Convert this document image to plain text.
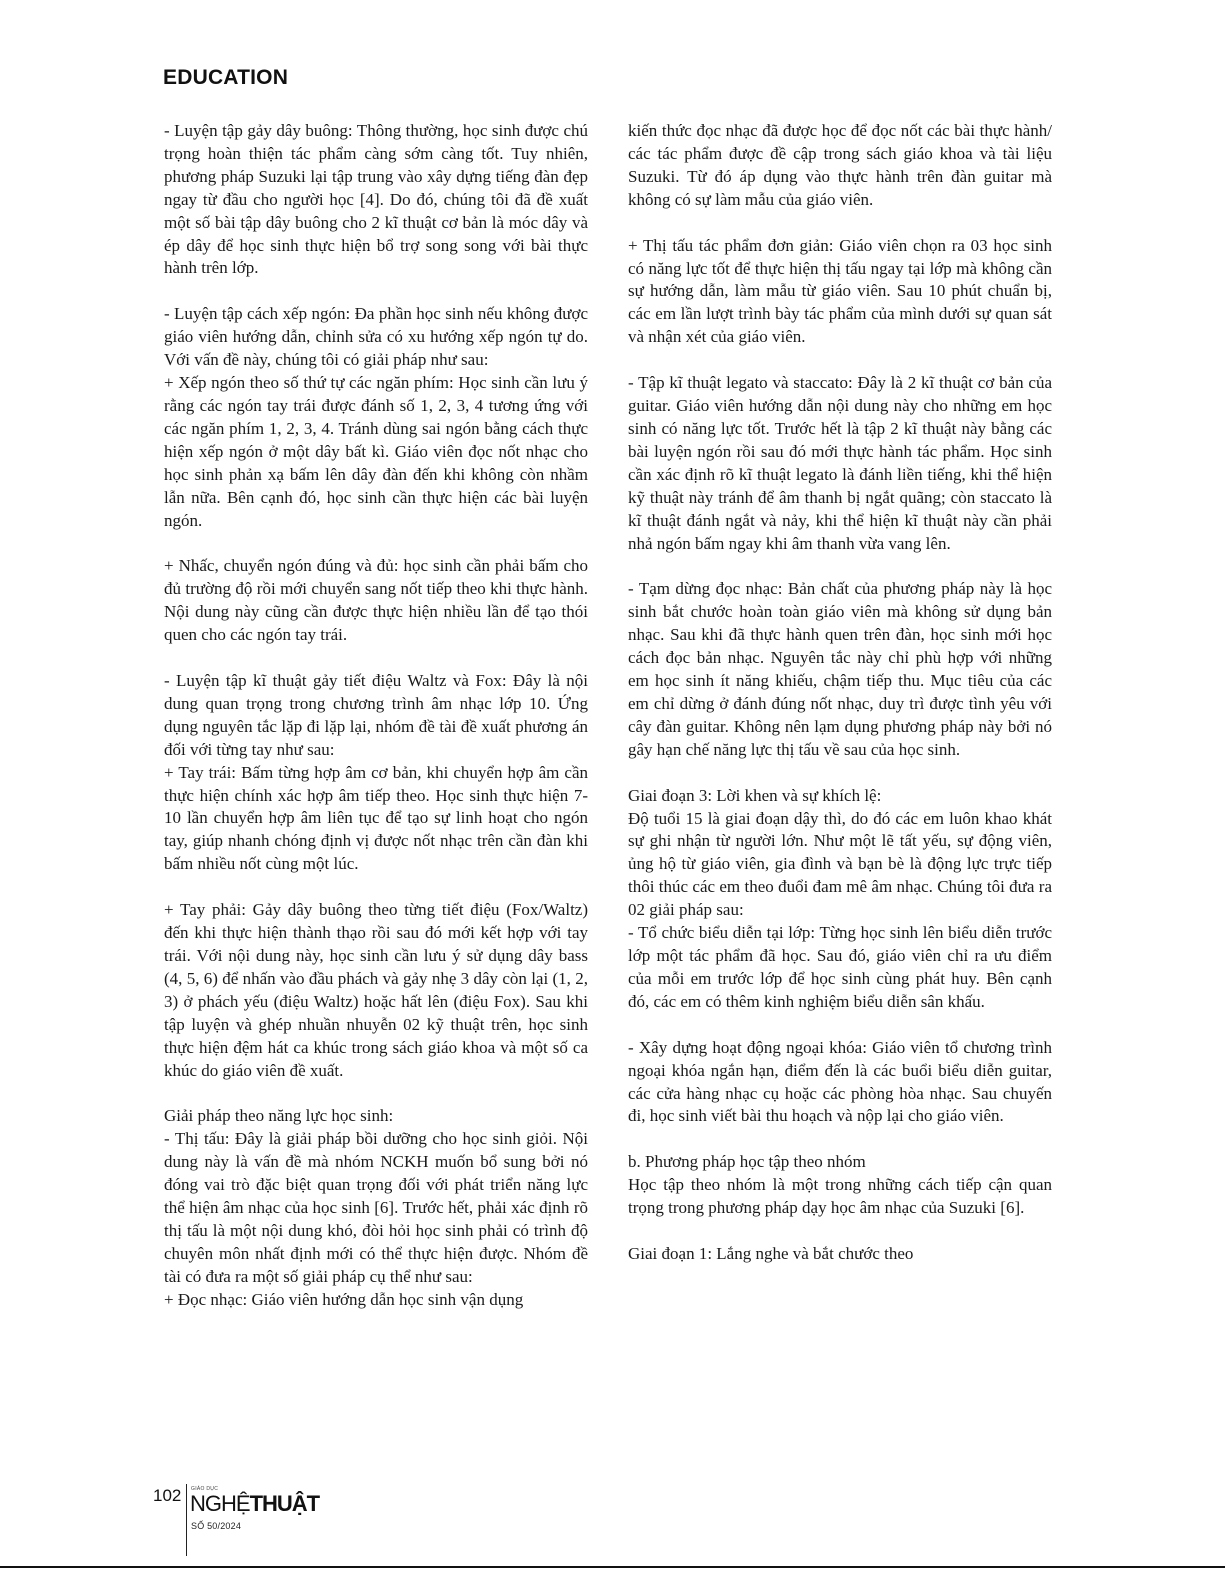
EDUCATION

- Luyện tập gảy dây buông: Thông thường, học sinh được chú trọng hoàn thiện tác phẩm càng sớm càng tốt. Tuy nhiên, phương pháp Suzuki lại tập trung vào xây dựng tiếng đàn đẹp ngay từ đầu cho người học [4]. Do đó, chúng tôi đã đề xuất một số bài tập dây buông cho 2 kĩ thuật cơ bản là móc dây và ép dây để học sinh thực hiện bổ trợ song song với bài thực hành trên lớp.

- Luyện tập cách xếp ngón: Đa phần học sinh nếu không được giáo viên hướng dẫn, chỉnh sửa có xu hướng xếp ngón tự do. Với vấn đề này, chúng tôi có giải pháp như sau:

+ Xếp ngón theo số thứ tự các ngăn phím: Học sinh cần lưu ý rằng các ngón tay trái được đánh số 1, 2, 3, 4 tương ứng với các ngăn phím 1, 2, 3, 4. Tránh dùng sai ngón bằng cách thực hiện xếp ngón ở một dây bất kì. Giáo viên đọc nốt nhạc cho học sinh phản xạ bấm lên dây đàn đến khi không còn nhầm lẫn nữa. Bên cạnh đó, học sinh cần thực hiện các bài luyện ngón.

+ Nhấc, chuyển ngón đúng và đủ: học sinh cần phải bấm cho đủ trường độ rồi mới chuyển sang nốt tiếp theo khi thực hành. Nội dung này cũng cần được thực hiện nhiều lần để tạo thói quen cho các ngón tay trái.

- Luyện tập kĩ thuật gảy tiết điệu Waltz và Fox: Đây là nội dung quan trọng trong chương trình âm nhạc lớp 10. Ứng dụng nguyên tắc lặp đi lặp lại, nhóm đề tài đề xuất phương án đối với từng tay như sau:

+ Tay trái: Bấm từng hợp âm cơ bản, khi chuyển hợp âm cần thực hiện chính xác hợp âm tiếp theo. Học sinh thực hiện 7-10 lần chuyển hợp âm liên tục để tạo sự linh hoạt cho ngón tay, giúp nhanh chóng định vị được nốt nhạc trên cần đàn khi bấm nhiều nốt cùng một lúc.

+ Tay phải: Gảy dây buông theo từng tiết điệu (Fox/Waltz) đến khi thực hiện thành thạo rồi sau đó mới kết hợp với tay trái. Với nội dung này, học sinh cần lưu ý sử dụng dây bass (4, 5, 6) để nhấn vào đầu phách và gảy nhẹ 3 dây còn lại (1, 2, 3) ở phách yếu (điệu Waltz) hoặc hất lên (điệu Fox). Sau khi tập luyện và ghép nhuần nhuyễn 02 kỹ thuật trên, học sinh thực hiện đệm hát ca khúc trong sách giáo khoa và một số ca khúc do giáo viên đề xuất.

Giải pháp theo năng lực học sinh:

- Thị tấu: Đây là giải pháp bồi dưỡng cho học sinh giỏi. Nội dung này là vấn đề mà nhóm NCKH muốn bổ sung bởi nó đóng vai trò đặc biệt quan trọng đối với phát triển năng lực thể hiện âm nhạc của học sinh [6]. Trước hết, phải xác định rõ thị tấu là một nội dung khó, đòi hỏi học sinh phải có trình độ chuyên môn nhất định mới có thể thực hiện được. Nhóm đề tài có đưa ra một số giải pháp cụ thể như sau:

+ Đọc nhạc: Giáo viên hướng dẫn học sinh vận dụng

kiến thức đọc nhạc đã được học để đọc nốt các bài thực hành/ các tác phẩm được đề cập trong sách giáo khoa và tài liệu Suzuki. Từ đó áp dụng vào thực hành trên đàn guitar mà không có sự làm mẫu của giáo viên.

+ Thị tấu tác phẩm đơn giản: Giáo viên chọn ra 03 học sinh có năng lực tốt để thực hiện thị tấu ngay tại lớp mà không cần sự hướng dẫn, làm mẫu từ giáo viên. Sau 10 phút chuẩn bị, các em lần lượt trình bày tác phẩm của mình dưới sự quan sát và nhận xét của giáo viên.

- Tập kĩ thuật legato và staccato: Đây là 2 kĩ thuật cơ bản của guitar. Giáo viên hướng dẫn nội dung này cho những em học sinh có năng lực tốt. Trước hết là tập 2 kĩ thuật này bằng các bài luyện ngón rồi sau đó mới thực hành tác phẩm. Học sinh cần xác định rõ kĩ thuật legato là đánh liền tiếng, khi thể hiện kỹ thuật này tránh để âm thanh bị ngắt quãng; còn staccato là kĩ thuật đánh ngắt và nảy, khi thể hiện kĩ thuật này cần phải nhả ngón bấm ngay khi âm thanh vừa vang lên.

- Tạm dừng đọc nhạc: Bản chất của phương pháp này là học sinh bắt chước hoàn toàn giáo viên mà không sử dụng bản nhạc. Sau khi đã thực hành quen trên đàn, học sinh mới học cách đọc bản nhạc. Nguyên tắc này chỉ phù hợp với những em học sinh ít năng khiếu, chậm tiếp thu. Mục tiêu của các em chỉ dừng ở đánh đúng nốt nhạc, duy trì được tình yêu với cây đàn guitar. Không nên lạm dụng phương pháp này bởi nó gây hạn chế năng lực thị tấu về sau của học sinh.

Giai đoạn 3: Lời khen và sự khích lệ:

Độ tuổi 15 là giai đoạn dậy thì, do đó các em luôn khao khát sự ghi nhận từ người lớn. Như một lẽ tất yếu, sự động viên, ủng hộ từ giáo viên, gia đình và bạn bè là động lực trực tiếp thôi thúc các em theo đuổi đam mê âm nhạc. Chúng tôi đưa ra 02 giải pháp sau:

- Tổ chức biểu diễn tại lớp: Từng học sinh lên biểu diễn trước lớp một tác phẩm đã học. Sau đó, giáo viên chỉ ra ưu điểm của mỗi em trước lớp để học sinh cùng phát huy. Bên cạnh đó, các em có thêm kinh nghiệm biểu diễn sân khấu.

- Xây dựng hoạt động ngoại khóa: Giáo viên tổ chương trình ngoại khóa ngắn hạn, điểm đến là các buổi biểu diễn guitar, các cửa hàng nhạc cụ hoặc các phòng hòa nhạc. Sau chuyến đi, học sinh viết bài thu hoạch và nộp lại cho giáo viên.

b. Phương pháp học tập theo nhóm

Học tập theo nhóm là một trong những cách tiếp cận quan trọng trong phương pháp dạy học âm nhạc của Suzuki [6].

Giai đoạn 1: Lắng nghe và bắt chước theo

102 GIÁO DỤC
NGHỆTHUẬT
SỐ 50/2024
